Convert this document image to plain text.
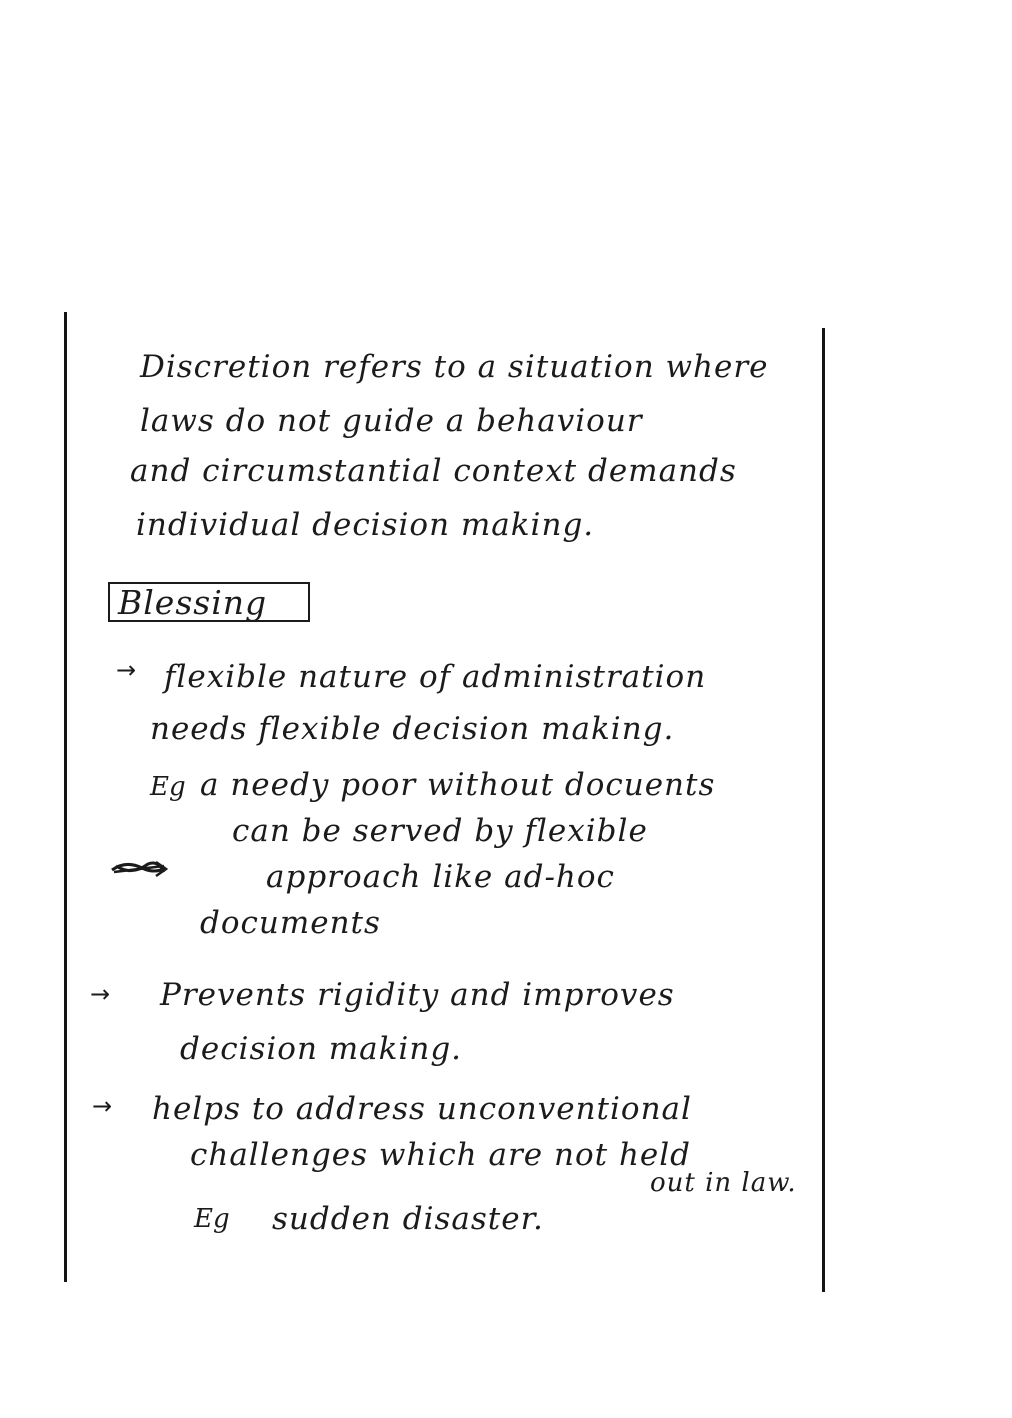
Discretion refers to a situation where
laws do not guide a behaviour
and circumstantial context demands
individual decision making.
Blessing
→ flexible nature of administration
needs flexible decision making.
Eg a needy poor without docuents
can be served by flexible
approach like ad-hoc
documents
→ Prevents rigidity and improves
decision making.
→ helps to address unconventional
challenges which are not held
out in law.
Eg sudden disaster.
